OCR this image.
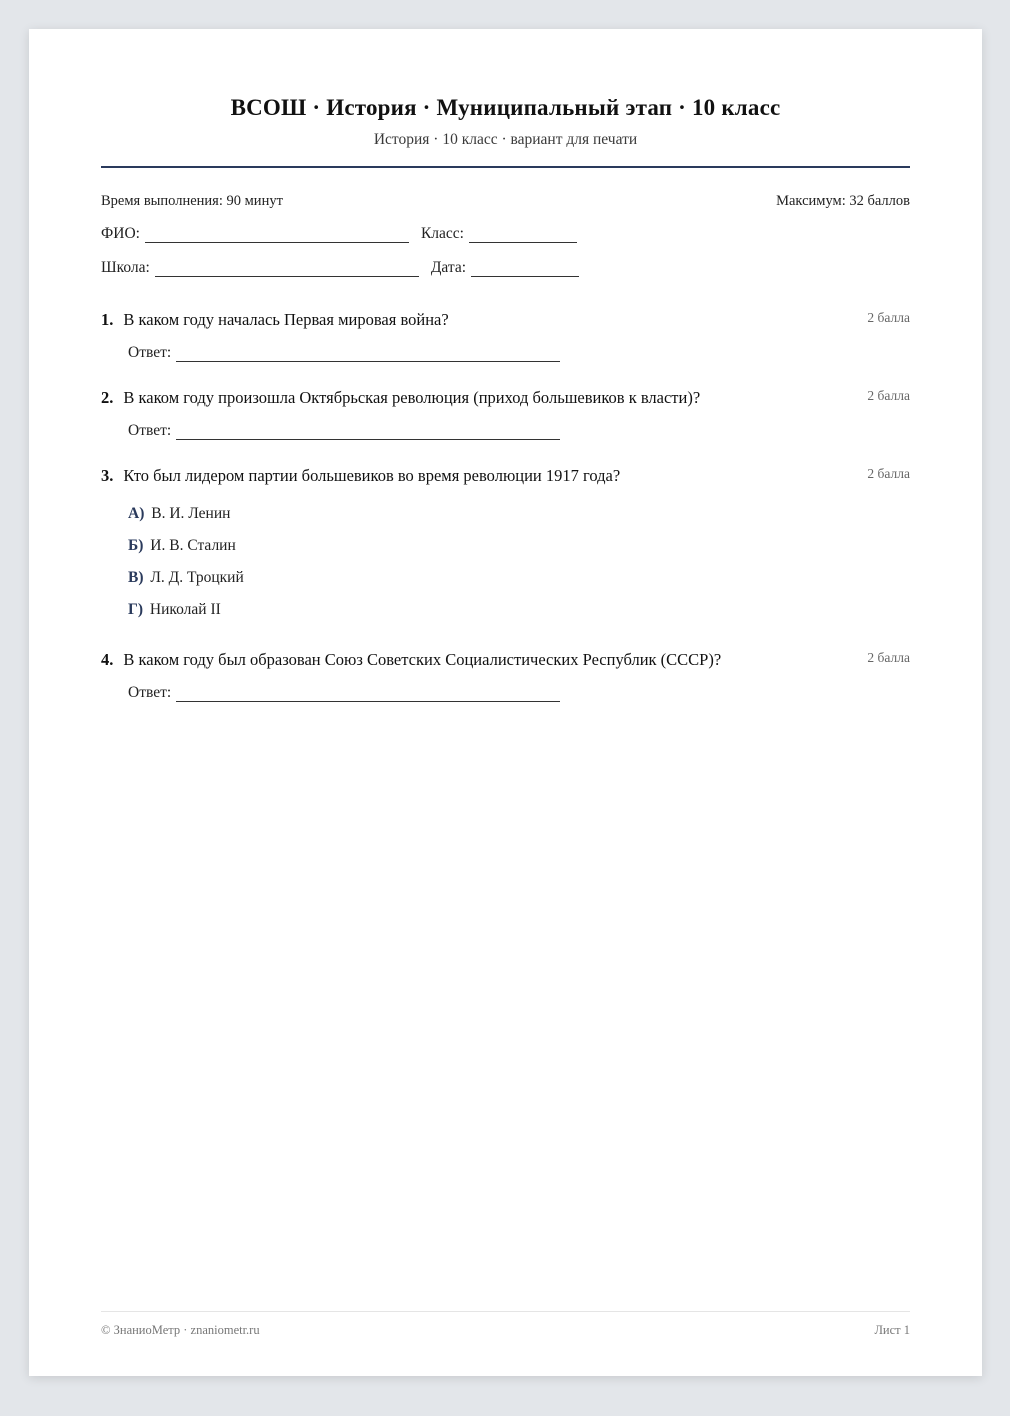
ВСОШ · История · Муниципальный этап · 10 класс
История · 10 класс · вариант для печати
Время выполнения: 90 минут	Максимум: 32 баллов
ФИО:	Класс:
Школа:	Дата:
1. В каком году началась Первая мировая война?	2 балла
Ответ:
2. В каком году произошла Октябрьская революция (приход большевиков к власти)?	2 балла
Ответ:
3. Кто был лидером партии большевиков во время революции 1917 года?	2 балла
А) В. И. Ленин
Б) И. В. Сталин
В) Л. Д. Троцкий
Г) Николай II
4. В каком году был образован Союз Советских Социалистических Республик (СССР)?	2 балла
Ответ:
© ЗнаниоМетр · znaniometr.ru	Лист 1
